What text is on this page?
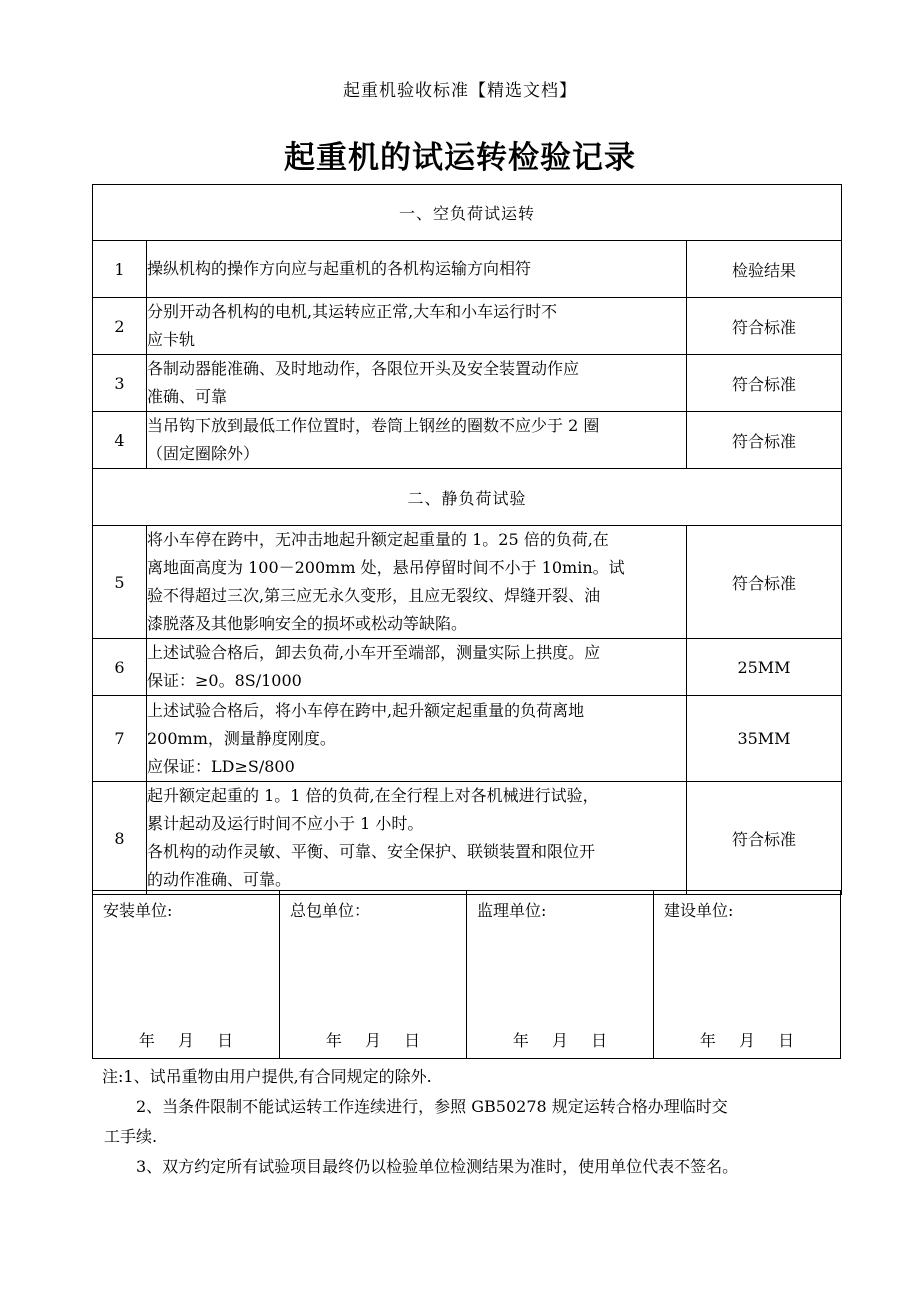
起重机验收标准【精选文档】
起重机的试运转检验记录
一、空负荷试运转		
1	操纵机构的操作方向应与起重机的各机构运输方向相符	检验结果
2	分别开动各机构的电机,其运转应正常,大车和小车运行时不
应卡轨	符合标准
3	各制动器能准确、及时地动作，各限位开头及安全装置动作应
准确、可靠	符合标准
4	当吊钩下放到最低工作位置时，卷筒上钢丝的圈数不应少于 2 圈
（固定圈除外）	符合标准
二、静负荷试验		
5	将小车停在跨中，无冲击地起升额定起重量的 1。25 倍的负荷,在
离地面高度为 100－200mm 处，悬吊停留时间不小于 10min。试
验不得超过三次,第三应无永久变形，且应无裂纹、焊缝开裂、油
漆脱落及其他影响安全的损坏或松动等缺陷。	符合标准
6	上述试验合格后，卸去负荷,小车开至端部，测量实际上拱度。应
保证：≥0。8S/1000	25MM
7	上述试验合格后，将小车停在跨中,起升额定起重量的负荷离地
200mm，测量静度刚度。
应保证：LD≥S/800	35MM
8	起升额定起重的 1。1 倍的负荷,在全行程上对各机械进行试验，
累计起动及运行时间不应小于 1 小时。
各机构的动作灵敏、平衡、可靠、安全保护、联锁装置和限位开
的动作准确、可靠。	符合标准
安装单位:
年 月 日

总包单位：
年 月 日

监理单位:
年 月 日

建设单位:
年 月 日
注:1、试吊重物由用户提供,有合同规定的除外.
2、当条件限制不能试运转工作连续进行，参照 GB50278 规定运转合格办理临时交
工手续.
3、双方约定所有试验项目最终仍以检验单位检测结果为准时，使用单位代表不签名。
